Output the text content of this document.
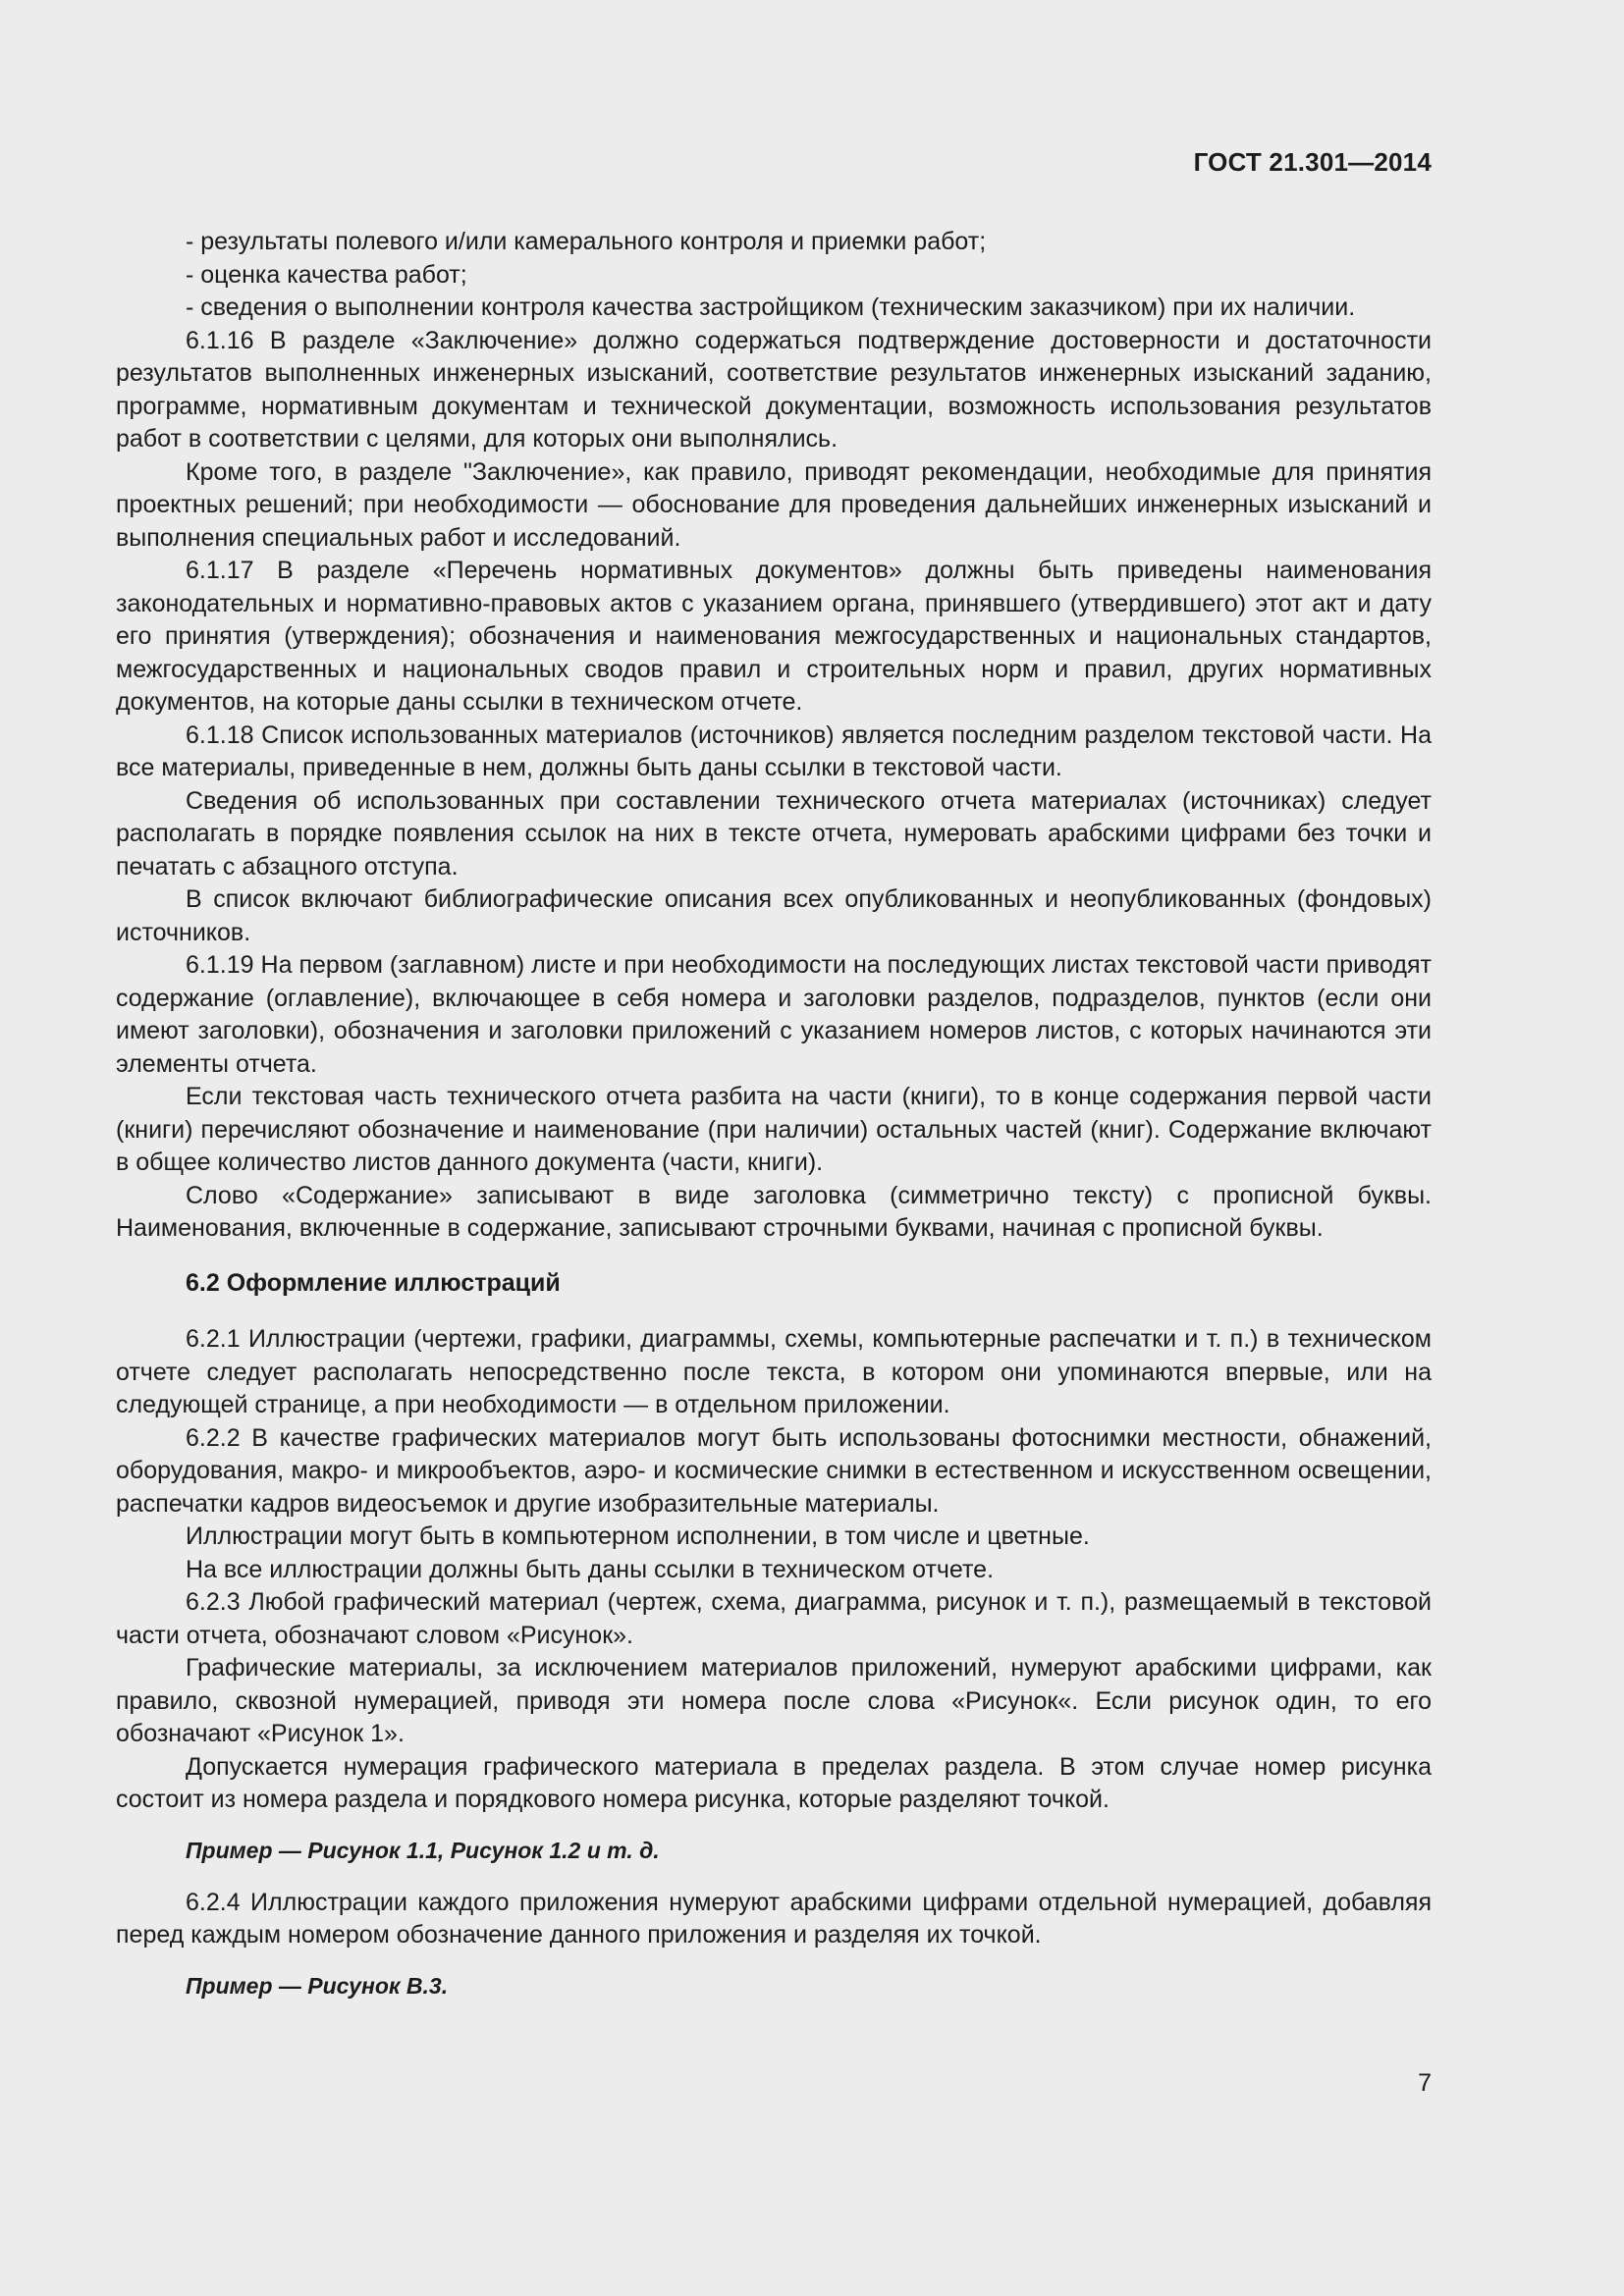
ГОСТ 21.301—2014
- результаты полевого и/или камерального контроля и приемки работ;
- оценка качества работ;
- сведения о выполнении контроля качества застройщиком (техническим заказчиком) при их наличии.
6.1.16 В разделе «Заключение» должно содержаться подтверждение достоверности и достаточности результатов выполненных инженерных изысканий, соответствие результатов инженерных изысканий заданию, программе, нормативным документам и технической документации, возможность использования результатов работ в соответствии с целями, для которых они выполнялись.
Кроме того, в разделе "Заключение», как правило, приводят рекомендации, необходимые для принятия проектных решений; при необходимости — обоснование для проведения дальнейших инженерных изысканий и выполнения специальных работ и исследований.
6.1.17 В разделе «Перечень нормативных документов» должны быть приведены наименования законодательных и нормативно-правовых актов с указанием органа, принявшего (утвердившего) этот акт и дату его принятия (утверждения); обозначения и наименования межгосударственных и национальных стандартов, межгосударственных и национальных сводов правил и строительных норм и правил, других нормативных документов, на которые даны ссылки в техническом отчете.
6.1.18 Список использованных материалов (источников) является последним разделом текстовой части. На все материалы, приведенные в нем, должны быть даны ссылки в текстовой части.
Сведения об использованных при составлении технического отчета материалах (источниках) следует располагать в порядке появления ссылок на них в тексте отчета, нумеровать арабскими цифрами без точки и печатать с абзацного отступа.
В список включают библиографические описания всех опубликованных и неопубликованных (фондовых) источников.
6.1.19 На первом (заглавном) листе и при необходимости на последующих листах текстовой части приводят содержание (оглавление), включающее в себя номера и заголовки разделов, подразделов, пунктов (если они имеют заголовки), обозначения и заголовки приложений с указанием номеров листов, с которых начинаются эти элементы отчета.
Если текстовая часть технического отчета разбита на части (книги), то в конце содержания первой части (книги) перечисляют обозначение и наименование (при наличии) остальных частей (книг). Содержание включают в общее количество листов данного документа (части, книги).
Слово «Содержание» записывают в виде заголовка (симметрично тексту) с прописной буквы. Наименования, включенные в содержание, записывают строчными буквами, начиная с прописной буквы.
6.2 Оформление иллюстраций
6.2.1 Иллюстрации (чертежи, графики, диаграммы, схемы, компьютерные распечатки и т. п.) в техническом отчете следует располагать непосредственно после текста, в котором они упоминаются впервые, или на следующей странице, а при необходимости — в отдельном приложении.
6.2.2 В качестве графических материалов могут быть использованы фотоснимки местности, обнажений, оборудования, макро- и микрообъектов, аэро- и космические снимки в естественном и искусственном освещении, распечатки кадров видеосъемок и другие изобразительные материалы.
Иллюстрации могут быть в компьютерном исполнении, в том числе и цветные.
На все иллюстрации должны быть даны ссылки в техническом отчете.
6.2.3 Любой графический материал (чертеж, схема, диаграмма, рисунок и т. п.), размещаемый в текстовой части отчета, обозначают словом «Рисунок».
Графические материалы, за исключением материалов приложений, нумеруют арабскими цифрами, как правило, сквозной нумерацией, приводя эти номера после слова «Рисунок«. Если рисунок один, то его обозначают «Рисунок 1».
Допускается нумерация графического материала в пределах раздела. В этом случае номер рисунка состоит из номера раздела и порядкового номера рисунка, которые разделяют точкой.
Пример — Рисунок 1.1, Рисунок 1.2 и т. д.
6.2.4 Иллюстрации каждого приложения нумеруют арабскими цифрами отдельной нумерацией, добавляя перед каждым номером обозначение данного приложения и разделяя их точкой.
Пример — Рисунок В.3.
7
